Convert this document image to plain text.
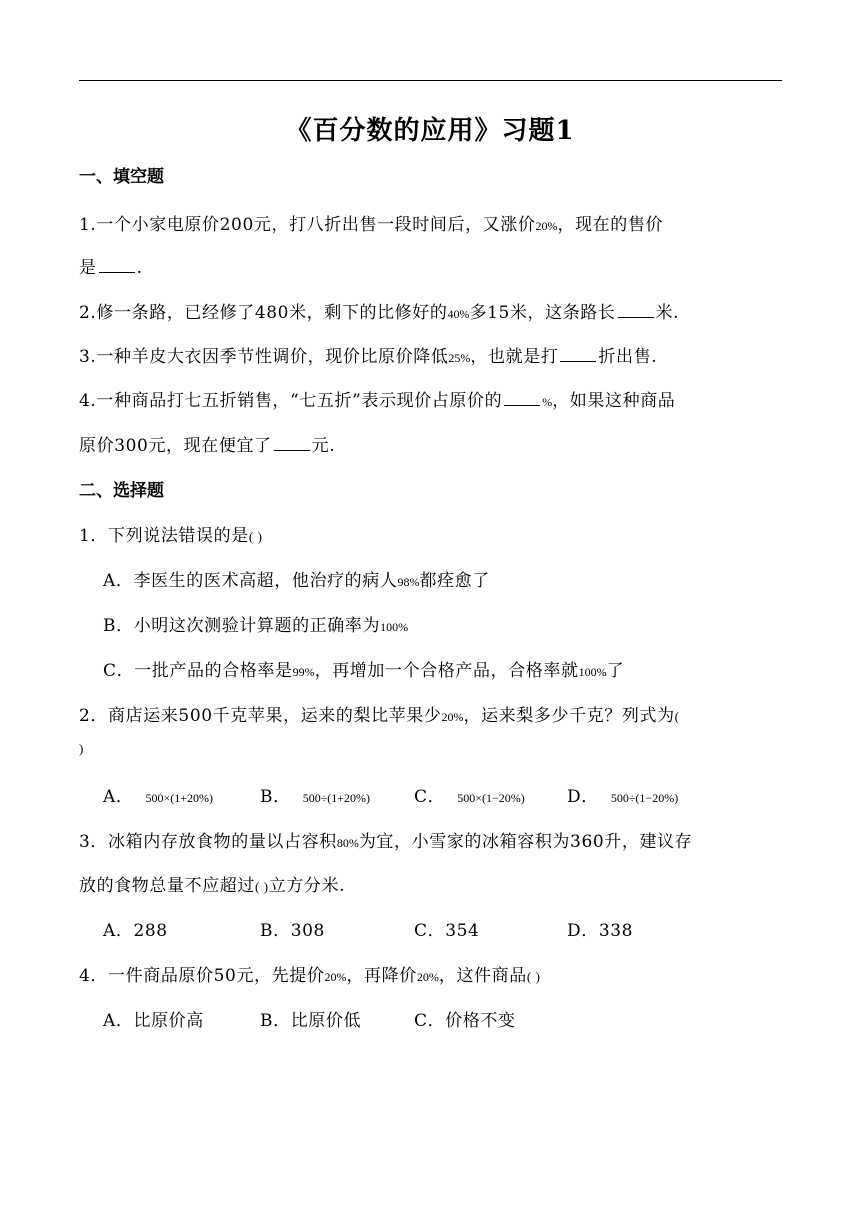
《百分数的应用》习题1
一、填空题
1.一个小家电原价200元，打八折出售一段时间后，又涨价20%，现在的售价
是 .
2.修一条路，已经修了480米，剩下的比修好的40%多15米，这条路长 米.
3.一种羊皮大衣因季节性调价，现价比原价降低25%，也就是打 折出售.
4.一种商品打七五折销售，“七五折”表示现价占原价的	%，如果这种商品
原价300元，现在便宜了 元.
二、选择题
1．下列说法错误的是( )
A．李医生的医术高超，他治疗的病人98%都痊愈了
B．小明这次测验计算题的正确率为100%
C．一批产品的合格率是99%，再增加一个合格产品，合格率就100%了
2．商店运来500千克苹果，运来的梨比苹果少20%，运来梨多少千克？列式为(
)
A． 500×(1+20%)	B． 500÷(1+20%)	C． 500×(1−20%) D． 500÷(1−20%)
3．冰箱内存放食物的量以占容积80%为宜，小雪家的冰箱容积为360升，建议存
放的食物总量不应超过( )立方分米.
A．288	B．308	C．354	D．338
4．一件商品原价50元，先提价20%，再降价20%，这件商品( )
A．比原价高	B．比原价低	C．价格不变
